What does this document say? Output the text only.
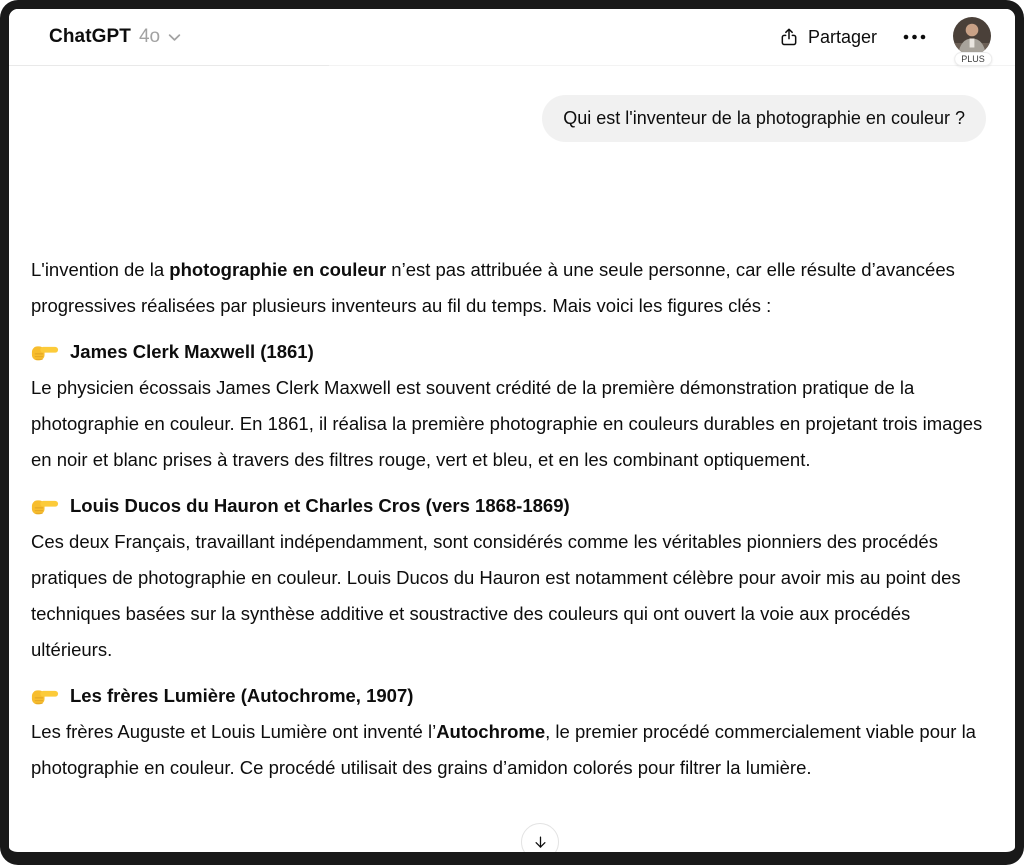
ChatGPT 4o	Partager
PLUS
Qui est l'inventeur de la photographie en couleur ?

L'invention de la photographie en couleur n’est pas attribuée à une seule personne, car elle résulte d’avancées progressives réalisées par plusieurs inventeurs au fil du temps. Mais voici les figures clés :

James Clerk Maxwell (1861)

Le physicien écossais James Clerk Maxwell est souvent crédité de la première démonstration pratique de la photographie en couleur. En 1861, il réalisa la première photographie en couleurs durables en projetant trois images en noir et blanc prises à travers des filtres rouge, vert et bleu, et en les combinant optiquement.

Louis Ducos du Hauron et Charles Cros (vers 1868-1869)

Ces deux Français, travaillant indépendamment, sont considérés comme les véritables pionniers des procédés pratiques de photographie en couleur. Louis Ducos du Hauron est notamment célèbre pour avoir mis au point des techniques basées sur la synthèse additive et soustractive des couleurs qui ont ouvert la voie aux procédés ultérieurs.

Les frères Lumière (Autochrome, 1907)

Les frères Auguste et Louis Lumière ont inventé l’Autochrome, le premier procédé commercialement viable pour la photographie en couleur. Ce procédé utilisait des grains d’amidon colorés pour filtrer la lumière.
